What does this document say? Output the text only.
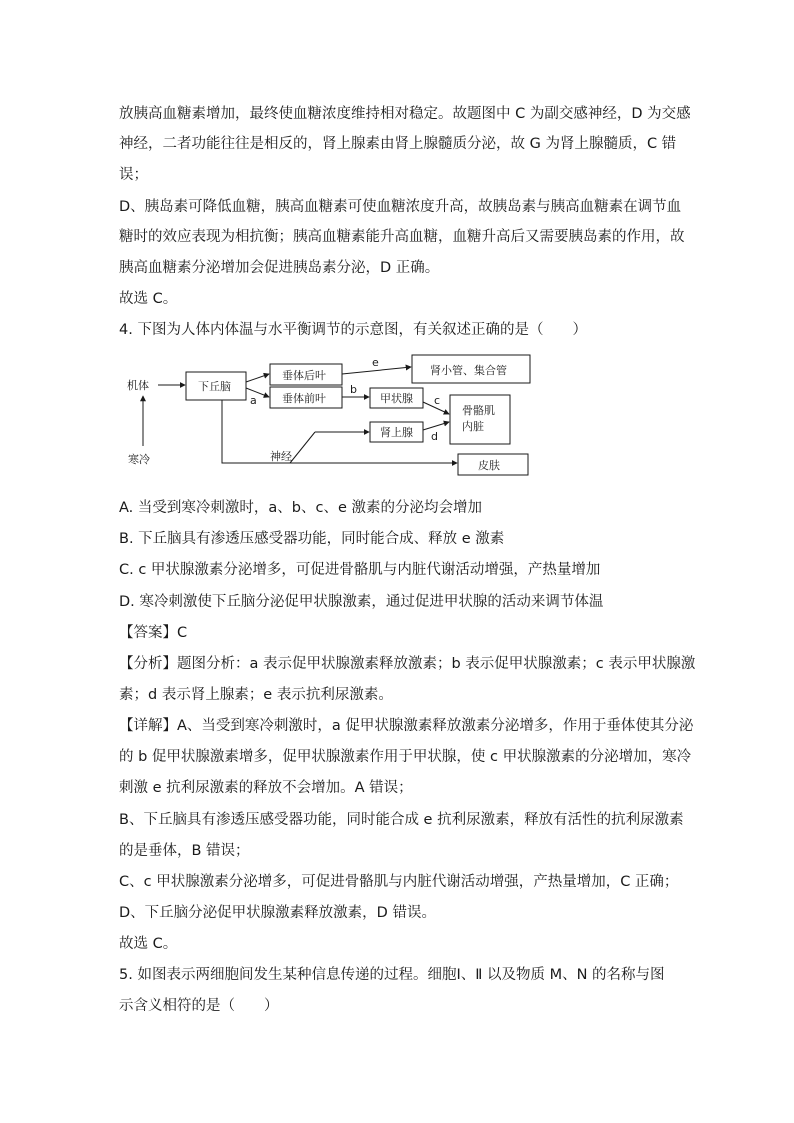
放胰高血糖素增加，最终使血糖浓度维持相对稳定。故题图中 C 为副交感神经，D 为交感
神经，二者功能往往是相反的，肾上腺素由肾上腺髓质分泌，故 G 为肾上腺髓质，C 错
误；
D、胰岛素可降低血糖，胰高血糖素可使血糖浓度升高，故胰岛素与胰高血糖素在调节血
糖时的效应表现为相抗衡；胰高血糖素能升高血糖，血糖升高后又需要胰岛素的作用，故
胰高血糖素分泌增加会促进胰岛素分泌，D 正确。
故选 C。
4. 下图为人体内体温与水平衡调节的示意图，有关叙述正确的是（　　）
机体
寒冷
下丘脑
垂体后叶
垂体前叶
肾小管、集合管
甲状腺
肾上腺
骨骼肌
内脏
皮肤
神经
a
b
c
d
e
A. 当受到寒冷刺激时，a、b、c、e 激素的分泌均会增加
B. 下丘脑具有渗透压感受器功能，同时能合成、释放 e 激素
C. c 甲状腺激素分泌增多，可促进骨骼肌与内脏代谢活动增强，产热量增加
D. 寒冷刺激使下丘脑分泌促甲状腺激素，通过促进甲状腺的活动来调节体温
【答案】C
【分析】题图分析：a 表示促甲状腺激素释放激素；b 表示促甲状腺激素；c 表示甲状腺激
素；d 表示肾上腺素；e 表示抗利尿激素。
【详解】A、当受到寒冷刺激时，a 促甲状腺激素释放激素分泌增多，作用于垂体使其分泌
的 b 促甲状腺激素增多，促甲状腺激素作用于甲状腺，使 c 甲状腺激素的分泌增加，寒冷
刺激 e 抗利尿激素的释放不会增加。A 错误；
B、下丘脑具有渗透压感受器功能，同时能合成 e 抗利尿激素，释放有活性的抗利尿激素
的是垂体，B 错误；
C、c 甲状腺激素分泌增多，可促进骨骼肌与内脏代谢活动增强，产热量增加，C 正确；
D、下丘脑分泌促甲状腺激素释放激素，D 错误。
故选 C。
5. 如图表示两细胞间发生某种信息传递的过程。细胞Ⅰ、Ⅱ 以及物质 M、N 的名称与图
示含义相符的是（　　）
